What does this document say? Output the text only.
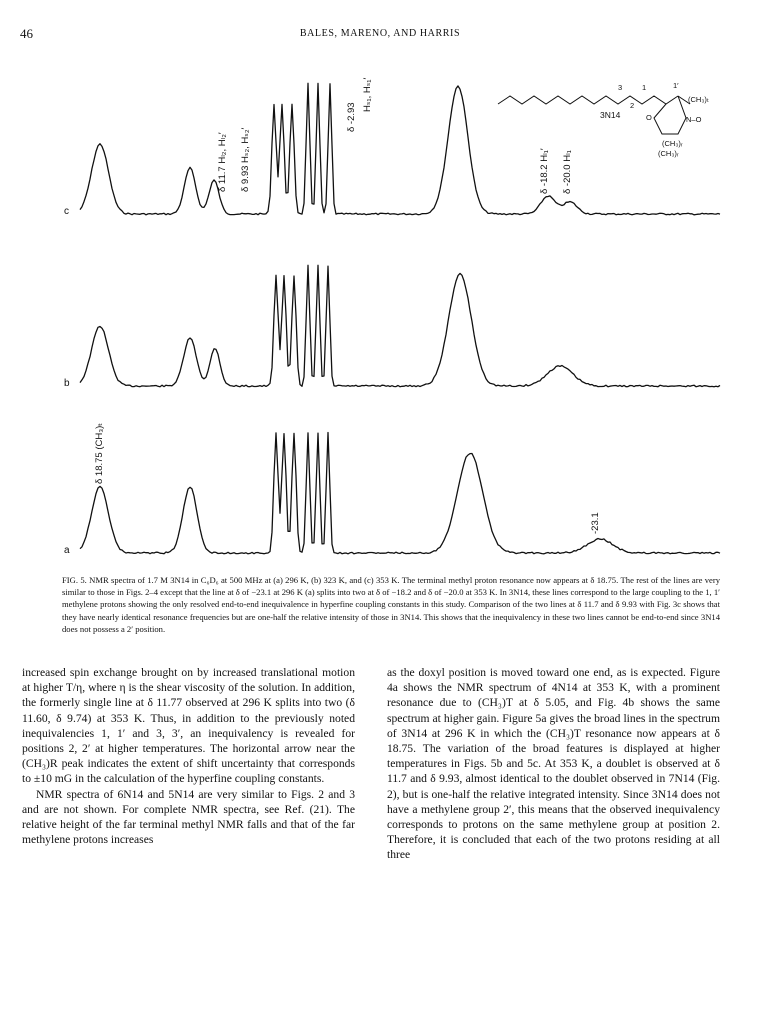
46	BALES, MARENO, AND HARRIS
c
b
a
δ 11.7 Hₗ₂, Hₗ₂′ δ 9.93 Hₛ₂, Hₛ₂′
δ -2.93
Hₛ₁, Hₛ₁′
δ -18.2 Hₗ₁′ δ -20.0 Hₗ₁
δ 18.75 (CH₃)ₜ
-23.1
3N14
3	1	1′
2
O	N–O
(CH₃)ₜ
(CH₃)ᵣ
(CH₃)ᵣ

FIG. 5. NMR spectra of 1.7 M 3N14 in C₆D₆ at 500 MHz at (a) 296 K, (b) 323 K, and (c) 353 K. The terminal methyl proton resonance now appears at δ 18.75. The rest of the lines are very similar to those in Figs. 2–4 except that the line at δ of −23.1 at 296 K (a) splits into two at δ of −18.2 and δ of −20.0 at 353 K. In 3N14, these lines correspond to the large coupling to the 1, 1′ methylene protons showing the only resolved end-to-end inequivalence in hyperfine coupling constants in this study. Comparison of the two lines at δ 11.7 and δ 9.93 with Fig. 3c shows that they have nearly identical resonance frequencies but are one-half the relative intensity of those in 3N14. This shows that the inequivalency in these two lines cannot be end-to-end since 3N14 does not possess a 2′ position.

increased spin exchange brought on by increased translational motion at higher T/η, where η is the shear viscosity of the solution. In addition, the formerly single line at δ 11.77 observed at 296 K splits into two (δ 11.60, δ 9.74) at 353 K. Thus, in addition to the previously noted inequivalencies 1, 1′ and 3, 3′, an inequivalency is revealed for positions 2, 2′ at higher temperatures. The horizontal arrow near the (CH₃)R peak indicates the extent of shift uncertainty that corresponds to ±10 mG in the calculation of the hyperfine coupling constants.

NMR spectra of 6N14 and 5N14 are very similar to Figs. 2 and 3 and are not shown. For complete NMR spectra, see Ref. (21). The relative height of the far terminal methyl NMR falls and that of the far methylene protons increases

as the doxyl position is moved toward one end, as is expected. Figure 4a shows the NMR spectrum of 4N14 at 353 K, with a prominent resonance due to (CH₃)T at δ 5.05, and Fig. 4b shows the same spectrum at higher gain. Figure 5a gives the broad lines in the spectrum of 3N14 at 296 K in which the (CH₃)T resonance now appears at δ 18.75. The variation of the broad features is displayed at higher temperatures in Figs. 5b and 5c. At 353 K, a doublet is observed at δ 11.7 and δ 9.93, almost identical to the doublet observed in 7N14 (Fig. 2), but is one-half the relative integrated intensity. Since 3N14 does not have a methylene group 2′, this means that the observed inequivalency corresponds to protons on the same methylene group at position 2. Therefore, it is concluded that each of the two protons residing at all three
